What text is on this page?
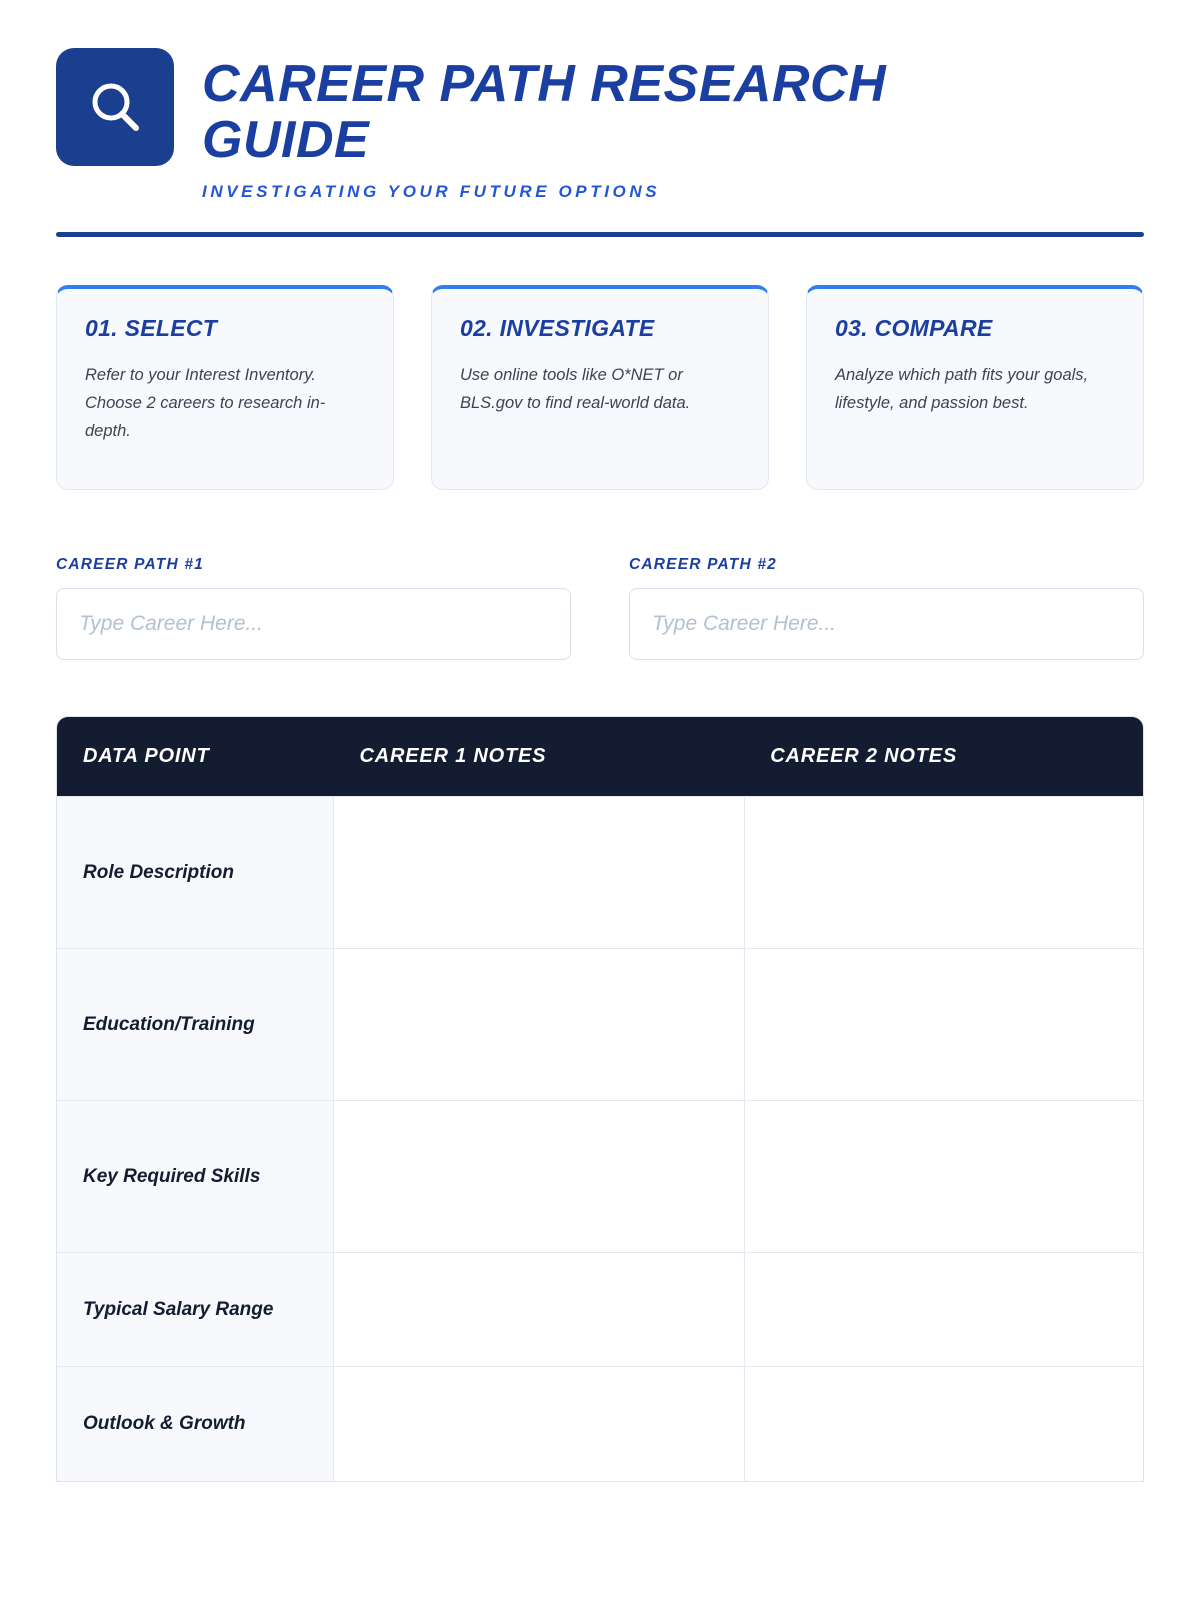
CAREER PATH RESEARCH GUIDE
INVESTIGATING YOUR FUTURE OPTIONS
01. SELECT
Refer to your Interest Inventory. Choose 2 careers to research in-depth.
02. INVESTIGATE
Use online tools like O*NET or BLS.gov to find real-world data.
03. COMPARE
Analyze which path fits your goals, lifestyle, and passion best.
CAREER PATH #1
Type Career Here...	CAREER PATH #2
Type Career Here...
DATA POINT	CAREER 1 NOTES	CAREER 2 NOTES
Role Description		
Education/Training		
Key Required Skills		
Typical Salary Range		
Outlook & Growth		
